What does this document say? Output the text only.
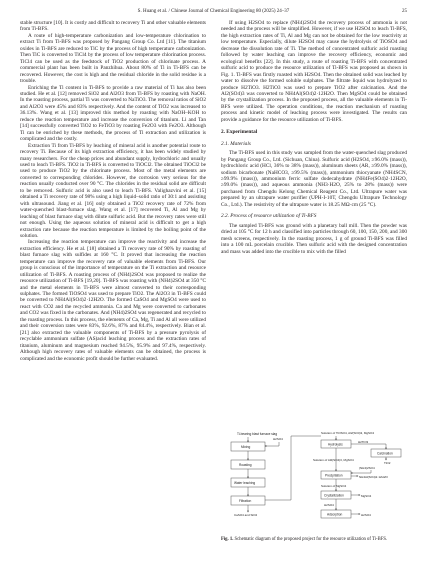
S. Huang et al. / Chinese Journal of Chemical Engineering 80 (2025) 24–37	25

stable structure [10]. It is costly and difficult to recovery Ti and other valuable elements from Ti-BFS.

A route of high-temperature carbonization and low-temperature chlorination to extract Ti from Ti-BFS was proposed by Pangang Group Co. Ltd [11]. The titanium oxides in Ti-BFS are reduced to TiC by the process of high temperature carbonization. Then TiC is converted to TiCl4 by the process of low temperature chlorination process. TiCl4 can be used as the feedstock of TiO2 production of chlorinate process. A commercial plant has been built in Panzhihua. About 80% of Ti in Ti-BFS can be recovered. However, the cost is high and the residual chloride in the solid residue is a trouble.

Enriching the Ti content in Ti-BFS to provide a raw material of Ti has also been studied. He et al. [12] removed SiO2 and Al2O3 from Ti-BFS by roasting with NaOH. In the roasting process, partial Ti was converted to NaTiO3. The removal ratios of SiO2 and Al2O3 were 45% and 83% respectively. And the content of TiO2 was increased to 36.13%. Wang et al. [13] improved this method by roasting with NaOH–KOH to reduce the reaction temperature and increase the conversion of titanium. Li and Tan [14] successfully converted TiO2 to FeTiO3 by roasting Fe2O3 with Fe2O3. Although Ti can be enriched by these methods, the process of Ti extraction and utilization is complicated and the costly.

Extraction Ti from Ti-BFS by leaching of mineral acid is another potential route to recovery Ti. Because of its high extraction efficiency, it has been widely studied by many researchers. For the cheap prices and abundant supply, hydrochloric and usually used to leach Ti-BFS. TiO2 in Ti-BFS is converted to TiOCl2. The obtained TiOCl2 be used to produce TiO2 by the chlorinate process. Most of the metal elements are converted to corresponding chlorides. However, the corrosion very serious for the reaction usually conducted over 90 °C. The chlorides in the residual solid are difficult to be removed. Sulfuric acid is also used to leach Ti-BFS. Valighazvini et al. [15] obtained a Ti recovery rate of 98% using a high liquid–solid ratio of 30:1 and assisting with ultrasound. Jiang et al. [16] only obtained a TiO2 recovery rate of 72% from water-quenched blast-furnace slag. Wang et al. [17] recovered Ti, Al and Mg by leaching of blast furnace slag with dilute sulfuric acid. But the recovery rates were still not enough. Using the aqueous solution of mineral acid is difficult to get a high extraction rate because the reaction temperature is limited by the boiling point of the solution.

Increasing the reaction temperature can improve the reactivity and increase the extraction efficiency. He et al. [18] obtained a Ti recovery rate of 90% by roasting of blast furnace slag with sulfides at 160 °C. It proved that increasing the reaction temperature can improve the recovery rate of valuable elements from Ti-BFS. Our group is conscious of the importance of temperature on the Ti extraction and resource utilization of Ti-BFS. A roasting process of (NH4)2SO4 was proposed to realize the resource utilization of Ti-BFS [19,20]. Ti-BFS was roasting with (NH4)2SO4 at 350 °C and the metal elements in Ti-BFS were almost converted to their corresponding sulphates. The formed TiOSO4 was used to prepare TiO2. The Al2O3 in Ti-BFS could be converted to NH4Al(SO4)2·12H2O. The formed CaSO4 and MgSO4 were used to react with CO2 and the recycled ammonia. Ca and Mg were converted to carbonates and CO2 was fixed in the carbonates. And (NH4)2SO4 was regenerated and recycled to the roasting process. In this process, the elements of Ca, Mg, Ti and Al all were utilized and their conversion rates were 83%, 92.6%, 87% and 84.4%, respectively. Bian et al. [21] also extracted the valuable components of Ti-BFS by a pressure pyrolysis of recyclable ammonium sulfate (AS)acid leaching process and the extraction rates of titanium, aluminum and magnesium reached 94.5%, 95.9% and 97.4%, respectively. Although high recovery rates of valuable elements can be obtained, the process is complicated and the economic profit should be further evaluated.

If using H2SO4 to replace (NH4)2SO4 the recovery process of ammonia is not needed and the process will be simplified. However, if we use H2SO4 to leach Ti-BFS, the high extraction rates of Ti, Al and Mg can not be obtained for the low reactivity at low temperature. Especially, dilute H2SO4 may cause the hydrolysis of TiOSO4 and decrease the dissolution rate of Ti. The method of concentrated sulfuric acid roasting followed by water leaching can improve the recovery efficiency, economic and ecological benefits [22]. In this study, a route of roasting Ti-BFS with concentrated sulfuric acid to produce the resource utilization of Ti-BFS was proposed as shown in Fig. 1. Ti-BFS was firstly roasted with H2SO4. Then the obtained solid was leached by water to dissolve the formed soluble sulphates. The filtrate liquid was hydrolyzed to produce H2TiO3. H2TiO3 was used to prepare TiO2 after calcination. And the Al2(SO4)3 was converted to NH4Al(SO4)2·12H2O. Then MgSO4 could be obtained by the crystallization process. In the proposed process, all the valuable elements in Ti-BFS were utilized. The operation conditions, the reaction mechanism of roasting process and kinetic model of leaching process were investigated. The results can provide a guidance for the resource utilization of Ti-BFS.

2. Experimental
2.1. Materials

The Ti-BFS used in this study was sampled from the water-quenched slag produced by Pangang Group Co., Ltd. (Sichuan, China). Sulfuric acid (H2SO4, ≥96.0% (mass)), hydrochloric acid (HCl, 36% to 38% (mass)), aluminum sheets (AR, ≥99.0% (mass)), sodium bicarbonate (NaHCO3, ≥99.5% (mass)), ammonium thiocyanate (NH4SCN, ≥99.9% (mass)), ammonium ferric sulfate dodecahydrate (NH4Fe(SO4)2·12H2O, ≥99.0% (mass)), and aqueous ammonia (NH3·H2O, 25% to 28% (mass)) were purchased from Chengdu Kelong Chemical Reagent Co., Ltd. Ultrapure water was prepared by an ultrapure water purifier (UPH-I-10T, Chengdu Ultrapure Technology Co., Ltd.). The resistivity of the ultrapure water is 18.25 MΩ·cm (25 °C).

2.2. Process of resource utilization of Ti-BFS

The sampled Ti-BFS was ground with a planetary ball mill. Then the powder was dried at 105 °C for 12 h and classified into particles through 60, 100, 150, 200, and 300 mesh screens, respectively. In the roasting process, 1 g of ground Ti-BFS was filled into a 100 mL porcelain crucible. Then sulfuric acid with the designed concentration and mass was added into the crucible to mix with the filled

Ti-bearing blast furnace slag
Mixing
Roasting
Water leaching
Filtration
CaSO4 and SiO2
H2SO4
Solution of TiOSO4, Al2(SO4)3, MgSO4
Hydrolysis
H2TiO3
Calcination
TiO2
Solution of Al2(SO4)3, MgSO4
(NH4)2SO4
Precipitation	NH4Al(SO4)2·12H2O
Solution of MgSO4
Crystallization	MgSO4
H2SO4
Adsorption	H2SO4
Fig. 1. Schematic diagram of the proposed project for the resource utilization of Ti-BFS.
